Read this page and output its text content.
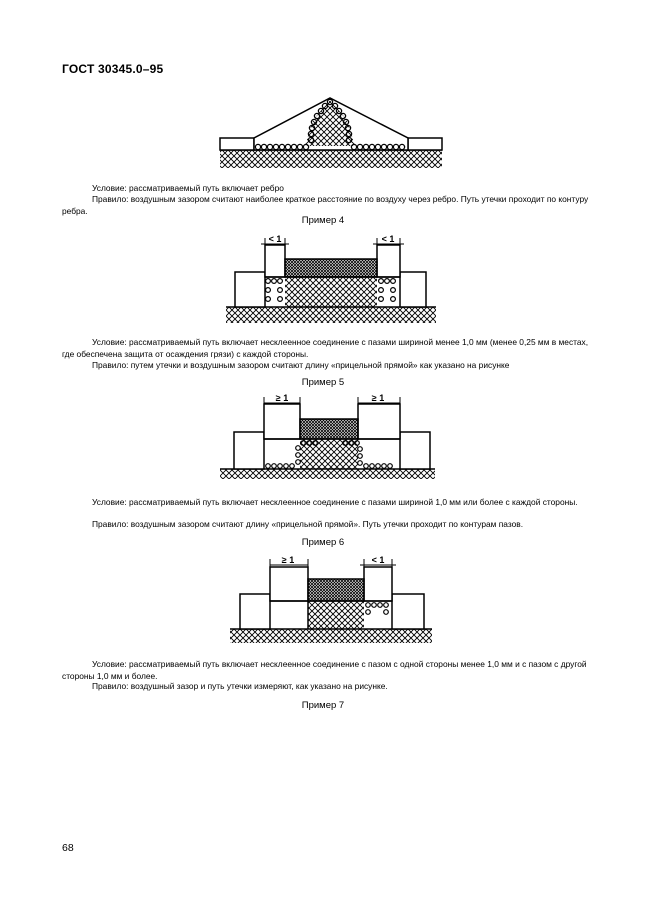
ГОСТ 30345.0–95
Условие: рассматриваемый путь включает ребро
Правило: воздушным зазором считают наиболее краткое расстояние по воздуху через ребро. Путь утечки проходит по контуру ребра.
Пример 4
< 1	< 1
Условие: рассматриваемый путь включает несклеенное соединение с пазами шириной менее 1,0 мм (менее 0,25 мм в местах, где обеспечена защита от осаждения грязи) с каждой стороны.
Правило: путем утечки и воздушным зазором считают длину «прицельной прямой» как указано на рисунке
Пример 5
≥ 1	≥ 1
Условие: рассматриваемый путь включает несклеенное соединение с пазами шириной 1,0 мм или более с каждой стороны.
Правило: воздушным зазором считают длину «прицельной прямой». Путь утечки проходит по контурам пазов.
Пример 6
≥ 1	< 1
Условие: рассматриваемый путь включает несклеенное соединение с пазом с одной стороны менее 1,0 мм и с пазом с другой стороны 1,0 мм и более.
Правило: воздушный зазор и путь утечки измеряют, как указано на рисунке.
Пример 7
68
